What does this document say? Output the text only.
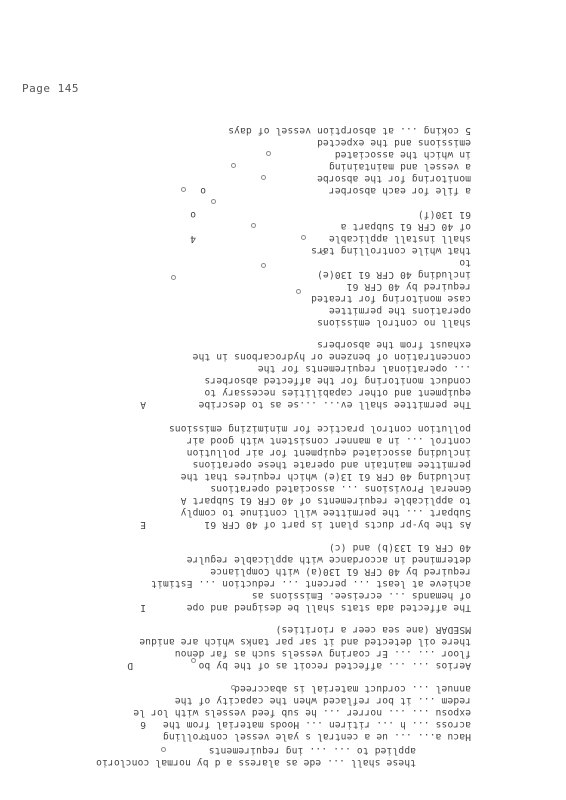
Page 145
these shall ... ede as alaress a d by normal conclorio
applied to ... ... ing requirements
Hacu a... ... ue a central s yale vessel controlling
across ... h ... ritiren ... Hoods material from the
exposu ... ... norrer ... he sub feed vessels with lor le
redem ... it bor reflaced when the capacity of the
annuel ... corduct material is abaccreed
Aerios ... ... affected recoit as of the by bo
floor ... ... Er coaring vessels such as far denou
there oil detected and it sar par tanks which are anidue
MSEDAR (ane sea ceer a riorities)
The affected ada stats shall be designed and ope
of hemands ... ecreisee. Emissions as
achieve at least ... percent ... reduction ... Estimit
required by 40 CFR 61 130(a) with Compliance
determined in accordance with applicable regulre
40 CFR 61 133(b) and (c)
As the by-pr ducts plant is part of 40 CFR 61
Subpart ... the permittee will continue to comply
to applicable requirements of 40 CFR 61 Subpart A
General Provisions ... associated operations
including 40 CFR 61 13(e) which requires that the
permittee maintain and operate these operations
including associated equipment for air pollution
control ... in a manner consistent with good air
pollution control practice for minimizing emissions
The permittee shall ev... ...se as to describe
equipment and other capabilities necessary to
conduct monitoring for the affected absorbers
... operational requirements for the
concentration of benzene or hydrocarbons in the
exhaust from the absorbers
shall no control emissions
operations the permittee
case monitoring for treated
required by 40 CFR 61
including 40 CFR 61 130(e)
to
that while controlling tars
shall install applicable
of 40 CFR 61 Subpart a
61 130(f)
a file for each absorber
monitoring for the absorbe
a vessel and maintaining
in which the associated
emissions and the expected
5 coking ... at absorption vessel of days
D
I
E
A
6
o
o
4
